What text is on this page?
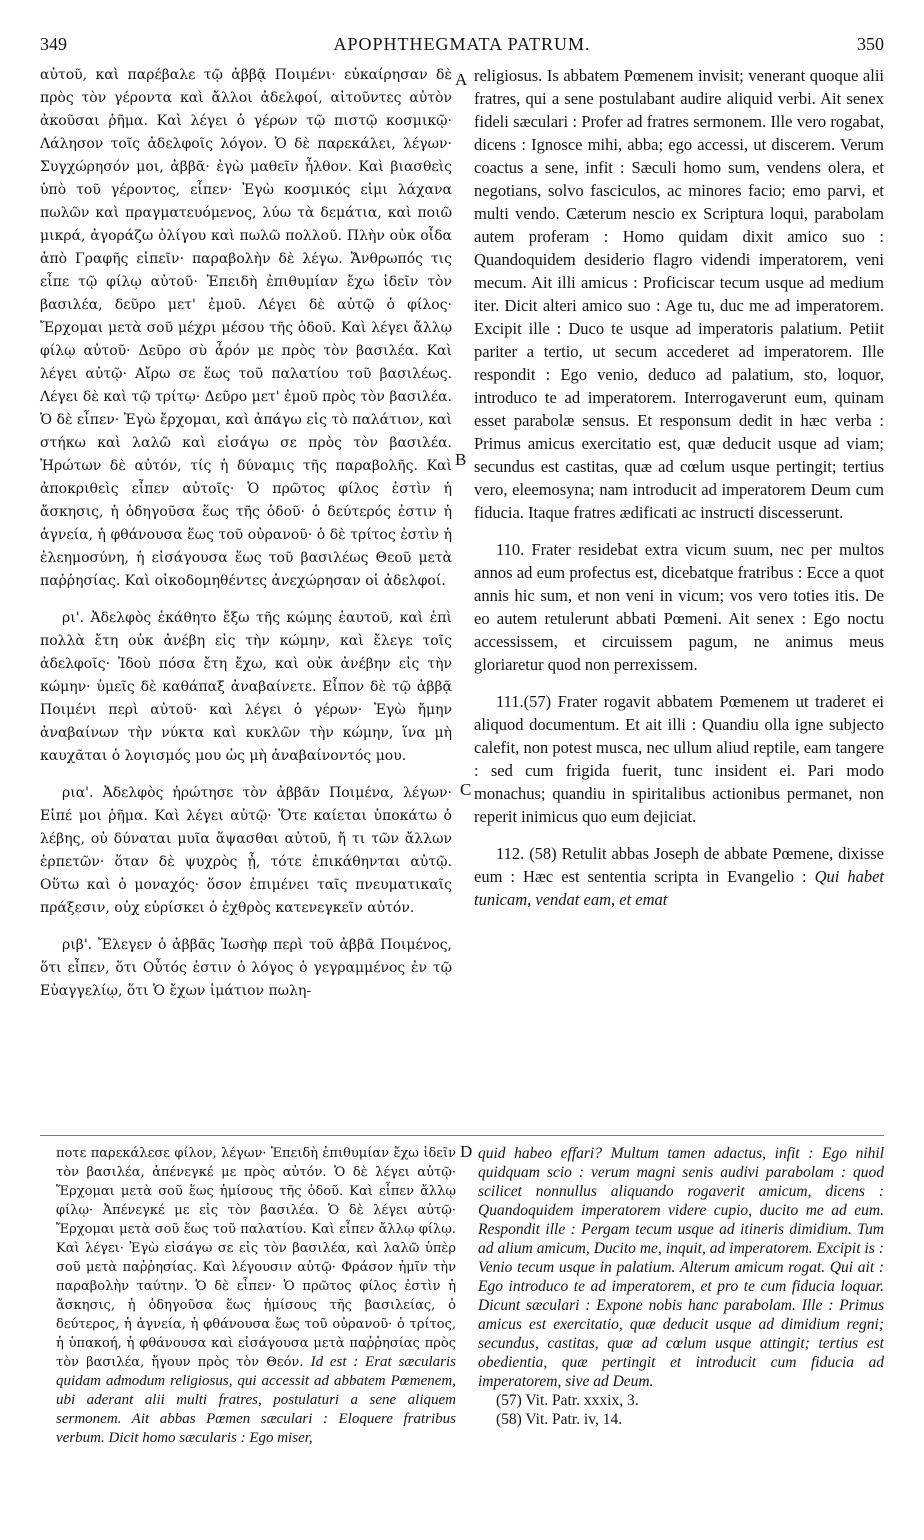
349	APOPHTHEGMATA PATRUM.	350

αὐτοῦ, καὶ παρέβαλε τῷ ἀββᾷ Ποιμένι· εὐκαίρησαν δὲ πρὸς τὸν γέροντα καὶ ἄλλοι ἀδελφοί, αἰτοῦντες αὐτὸν ἀκοῦσαι ῥῆμα. Καὶ λέγει ὁ γέρων τῷ πιστῷ κοσμικῷ· Λάλησον τοῖς ἀδελφοῖς λόγον. Ὁ δὲ παρεκάλει, λέγων· Συγχώρησόν μοι, ἀββᾶ· ἐγὼ μαθεῖν ἦλθον. Καὶ βιασθεὶς ὑπὸ τοῦ γέροντος, εἶπεν· Ἐγὼ κοσμικός εἰμι λάχανα πωλῶν καὶ πραγματευόμενος, λύω τὰ δεμάτια, καὶ ποιῶ μικρά, ἀγοράζω ὀλίγου καὶ πωλῶ πολλοῦ. Πλὴν οὐκ οἶδα ἀπὸ Γραφῆς εἰπεῖν· παραβολὴν δὲ λέγω. Ἄνθρωπός τις εἶπε τῷ φίλῳ αὐτοῦ· Ἐπειδὴ ἐπιθυμίαν ἔχω ἰδεῖν τὸν βασιλέα, δεῦρο μετ' ἐμοῦ. Λέγει δὲ αὐτῷ ὁ φίλος· Ἔρχομαι μετὰ σοῦ μέχρι μέσου τῆς ὁδοῦ. Καὶ λέγει ἄλλῳ φίλῳ αὐτοῦ· Δεῦρο σὺ ἆρόν με πρὸς τὸν βασιλέα. Καὶ λέγει αὐτῷ· Αἴρω σε ἕως τοῦ παλατίου τοῦ βασιλέως. Λέγει δὲ καὶ τῷ τρίτῳ· Δεῦρο μετ' ἐμοῦ πρὸς τὸν βασιλέα. Ὁ δὲ εἶπεν· Ἐγὼ ἔρχομαι, καὶ ἀπάγω εἰς τὸ παλάτιον, καὶ στήκω καὶ λαλῶ καὶ εἰσάγω σε πρὸς τὸν βασιλέα. Ἠρώτων δὲ αὐτόν, τίς ἡ δύναμις τῆς παραβολῆς. Καὶ ἀποκριθεὶς εἶπεν αὐτοῖς· Ὁ πρῶτος φίλος ἐστὶν ἡ ἄσκησις, ἡ ὁδηγοῦσα ἕως τῆς ὁδοῦ· ὁ δεύτερός ἐστιν ἡ ἁγνεία, ἡ φθάνουσα ἕως τοῦ οὐρανοῦ· ὁ δὲ τρίτος ἐστὶν ἡ ἐλεημοσύνη, ἡ εἰσάγουσα ἕως τοῦ βασιλέως Θεοῦ μετὰ παῤῥησίας. Καὶ οἰκοδομηθέντες ἀνεχώρησαν οἱ ἀδελφοί.

ρι'. Ἀδελφὸς ἐκάθητο ἔξω τῆς κώμης ἑαυτοῦ, καὶ ἐπὶ πολλὰ ἔτη οὐκ ἀνέβη εἰς τὴν κώμην, καὶ ἔλεγε τοῖς ἀδελφοῖς· Ἰδοὺ πόσα ἔτη ἔχω, καὶ οὐκ ἀνέβην εἰς τὴν κώμην· ὑμεῖς δὲ καθάπαξ ἀναβαίνετε. Εἶπον δὲ τῷ ἀββᾷ Ποιμένι περὶ αὐτοῦ· καὶ λέγει ὁ γέρων· Ἐγὼ ἤμην ἀναβαίνων τὴν νύκτα καὶ κυκλῶν τὴν κώμην, ἵνα μὴ καυχᾶται ὁ λογισμός μου ὡς μὴ ἀναβαίνοντός μου.

ρια'. Ἀδελφὸς ἠρώτησε τὸν ἀββᾶν Ποιμένα, λέγων· Εἰπέ μοι ῥῆμα. Καὶ λέγει αὐτῷ· Ὅτε καίεται ὑποκάτω ὁ λέβης, οὐ δύναται μυῖα ἅψασθαι αὐτοῦ, ἤ τι τῶν ἄλλων ἑρπετῶν· ὅταν δὲ ψυχρὸς ᾖ, τότε ἐπικάθηνται αὐτῷ. Οὕτω καὶ ὁ μοναχός· ὅσον ἐπιμένει ταῖς πνευματικαῖς πράξεσιν, οὐχ εὑρίσκει ὁ ἐχθρὸς κατενεγκεῖν αὐτόν.

ριβ'. Ἔλεγεν ὁ ἀββᾶς Ἰωσὴφ περὶ τοῦ ἀββᾶ Ποιμένος, ὅτι εἶπεν, ὅτι Οὗτός ἐστιν ὁ λόγος ὁ γεγραμμένος ἐν τῷ Εὐαγγελίῳ, ὅτι Ὁ ἔχων ἱμάτιον πωλη-

A
B
C
D

religiosus. Is abbatem Pœmenem invisit; venerant quoque alii fratres, qui a sene postulabant audire aliquid verbi. Ait senex fideli sæculari : Profer ad fratres sermonem. Ille vero rogabat, dicens : Ignosce mihi, abba; ego accessi, ut discerem. Verum coactus a sene, infit : Sæculi homo sum, vendens olera, et negotians, solvo fasciculos, ac minores facio; emo parvi, et multi vendo. Cæterum nescio ex Scriptura loqui, parabolam autem proferam : Homo quidam dixit amico suo : Quandoquidem desiderio flagro videndi imperatorem, veni mecum. Ait illi amicus : Proficiscar tecum usque ad medium iter. Dicit alteri amico suo : Age tu, duc me ad imperatorem. Excipit ille : Duco te usque ad imperatoris palatium. Petiit pariter a tertio, ut secum accederet ad imperatorem. Ille respondit : Ego venio, deduco ad palatium, sto, loquor, introduco te ad imperatorem. Interrogaverunt eum, quinam esset parabolæ sensus. Et responsum dedit in hæc verba : Primus amicus exercitatio est, quæ deducit usque ad viam; secundus est castitas, quæ ad cœlum usque pertingit; tertius vero, eleemosyna; nam introducit ad imperatorem Deum cum fiducia. Itaque fratres ædificati ac instructi discesserunt.

110. Frater residebat extra vicum suum, nec per multos annos ad eum profectus est, dicebatque fratribus : Ecce a quot annis hic sum, et non veni in vicum; vos vero toties itis. De eo autem retulerunt abbati Pœmeni. Ait senex : Ego noctu accessissem, et circuissem pagum, ne animus meus gloriaretur quod non perrexissem.

111.(57) Frater rogavit abbatem Pœmenem ut traderet ei aliquod documentum. Et ait illi : Quandiu olla igne subjecto calefit, non potest musca, nec ullum aliud reptile, eam tangere : sed cum frigida fuerit, tunc insident ei. Pari modo monachus; quandiu in spiritalibus actionibus permanet, non reperit inimicus quo eum dejiciat.

112. (58) Retulit abbas Joseph de abbate Pœmene, dixisse eum : Hæc est sententia scripta in Evangelio : Qui habet tunicam, vendat eam, et emat

ποτε παρεκάλεσε φίλον, λέγων· Ἐπειδὴ ἐπιθυμίαν ἔχω ἰδεῖν τὸν βασιλέα, ἀπένεγκέ με πρὸς αὐτόν. Ὁ δὲ λέγει αὐτῷ· Ἔρχομαι μετὰ σοῦ ἕως ἡμίσους τῆς ὁδοῦ. Καὶ εἶπεν ἄλλῳ φίλῳ· Ἀπένεγκέ με εἰς τὸν βασιλέα. Ὁ δὲ λέγει αὐτῷ· Ἔρχομαι μετὰ σοῦ ἕως τοῦ παλατίου. Καὶ εἶπεν ἄλλῳ φίλῳ. Καὶ λέγει· Ἐγὼ εἰσάγω σε εἰς τὸν βασιλέα, καὶ λαλῶ ὑπὲρ σοῦ μετὰ παῤῥησίας. Καὶ λέγουσιν αὐτῷ· Φράσον ἡμῖν τὴν παραβολὴν ταύτην. Ὁ δὲ εἶπεν· Ὁ πρῶτος φίλος ἐστὶν ἡ ἄσκησις, ἡ ὁδηγοῦσα ἕως ἡμίσους τῆς βασιλείας, ὁ δεύτερος, ἡ ἁγνεία, ἡ φθάνουσα ἕως τοῦ οὐρανοῦ· ὁ τρίτος, ἡ ὑπακοή, ἡ φθάνουσα καὶ εἰσάγουσα μετὰ παῤῥησίας πρὸς τὸν βασιλέα, ἤγουν πρὸς τὸν Θεόν. Id est : Erat sæcularis quidam admodum religiosus, qui accessit ad abbatem Pœmenem, ubi aderant alii multi fratres, postulaturi a sene aliquem sermonem. Ait abbas Pœmen sæculari : Eloquere fratribus verbum. Dicit homo sæcularis : Ego miser,

quid habeo effari? Multum tamen adactus, infit : Ego nihil quidquam scio : verum magni senis audivi parabolam : quod scilicet nonnullus aliquando rogaverit amicum, dicens : Quandoquidem imperatorem videre cupio, ducito me ad eum. Respondit ille : Pergam tecum usque ad itineris dimidium. Tum ad alium amicum, Ducito me, inquit, ad imperatorem. Excipit is : Venio tecum usque in palatium. Alterum amicum rogat. Qui ait : Ego introduco te ad imperatorem, et pro te cum fiducia loquar. Dicunt sæculari : Expone nobis hanc parabolam. Ille : Primus amicus est exercitatio, quæ deducit usque ad dimidium regni; secundus, castitas, quæ ad cœlum usque attingit; tertius est obedientia, quæ pertingit et introducit cum fiducia ad imperatorem, sive ad Deum.

(57) Vit. Patr. xxxix, 3.
(58) Vit. Patr. iv, 14.
